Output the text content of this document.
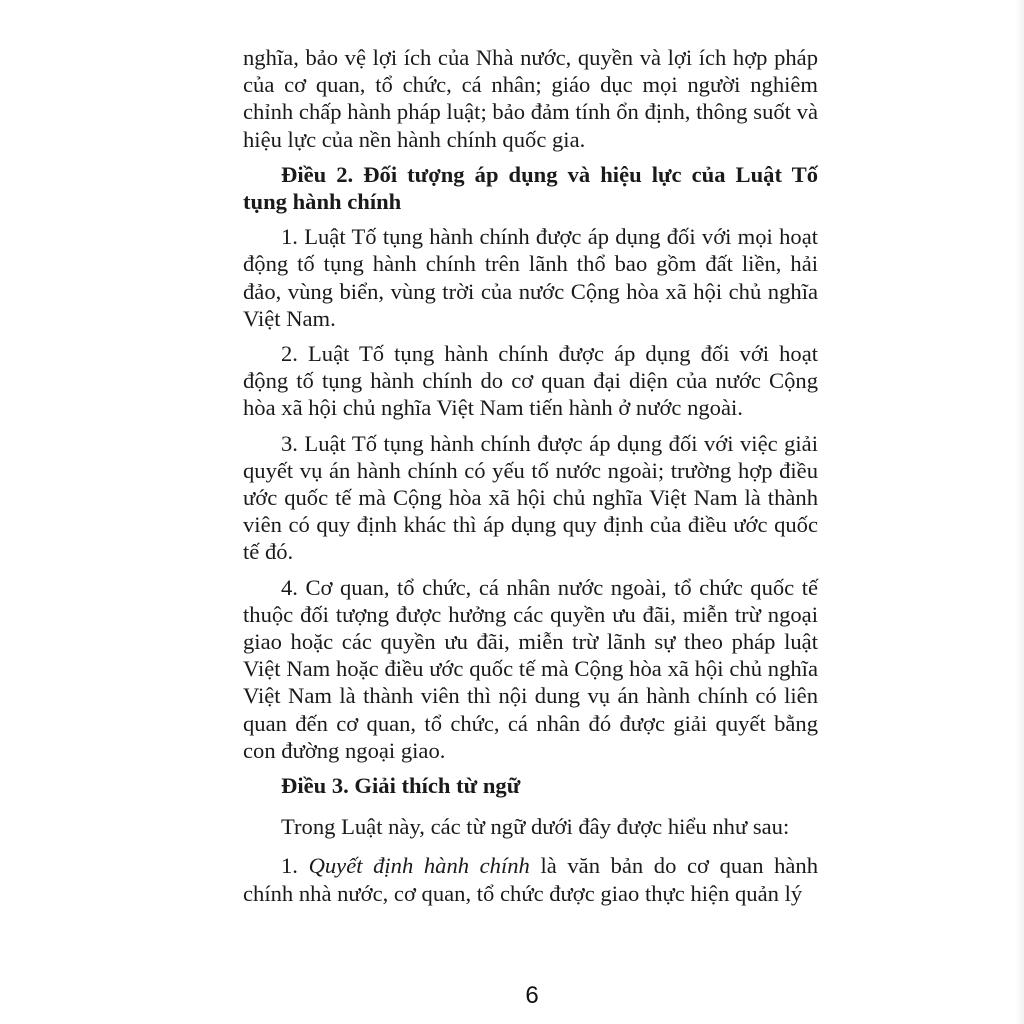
nghĩa, bảo vệ lợi ích của Nhà nước, quyền và lợi ích hợp pháp của cơ quan, tổ chức, cá nhân; giáo dục mọi người nghiêm chỉnh chấp hành pháp luật; bảo đảm tính ổn định, thông suốt và hiệu lực của nền hành chính quốc gia.

Điều 2. Đối tượng áp dụng và hiệu lực của Luật Tố tụng hành chính

1. Luật Tố tụng hành chính được áp dụng đối với mọi hoạt động tố tụng hành chính trên lãnh thổ bao gồm đất liền, hải đảo, vùng biển, vùng trời của nước Cộng hòa xã hội chủ nghĩa Việt Nam.

2. Luật Tố tụng hành chính được áp dụng đối với hoạt động tố tụng hành chính do cơ quan đại diện của nước Cộng hòa xã hội chủ nghĩa Việt Nam tiến hành ở nước ngoài.

3. Luật Tố tụng hành chính được áp dụng đối với việc giải quyết vụ án hành chính có yếu tố nước ngoài; trường hợp điều ước quốc tế mà Cộng hòa xã hội chủ nghĩa Việt Nam là thành viên có quy định khác thì áp dụng quy định của điều ước quốc tế đó.

4. Cơ quan, tổ chức, cá nhân nước ngoài, tổ chức quốc tế thuộc đối tượng được hưởng các quyền ưu đãi, miễn trừ ngoại giao hoặc các quyền ưu đãi, miễn trừ lãnh sự theo pháp luật Việt Nam hoặc điều ước quốc tế mà Cộng hòa xã hội chủ nghĩa Việt Nam là thành viên thì nội dung vụ án hành chính có liên quan đến cơ quan, tổ chức, cá nhân đó được giải quyết bằng con đường ngoại giao.

Điều 3. Giải thích từ ngữ

Trong Luật này, các từ ngữ dưới đây được hiểu như sau:

1. Quyết định hành chính là văn bản do cơ quan hành chính nhà nước, cơ quan, tổ chức được giao thực hiện quản lý

6
